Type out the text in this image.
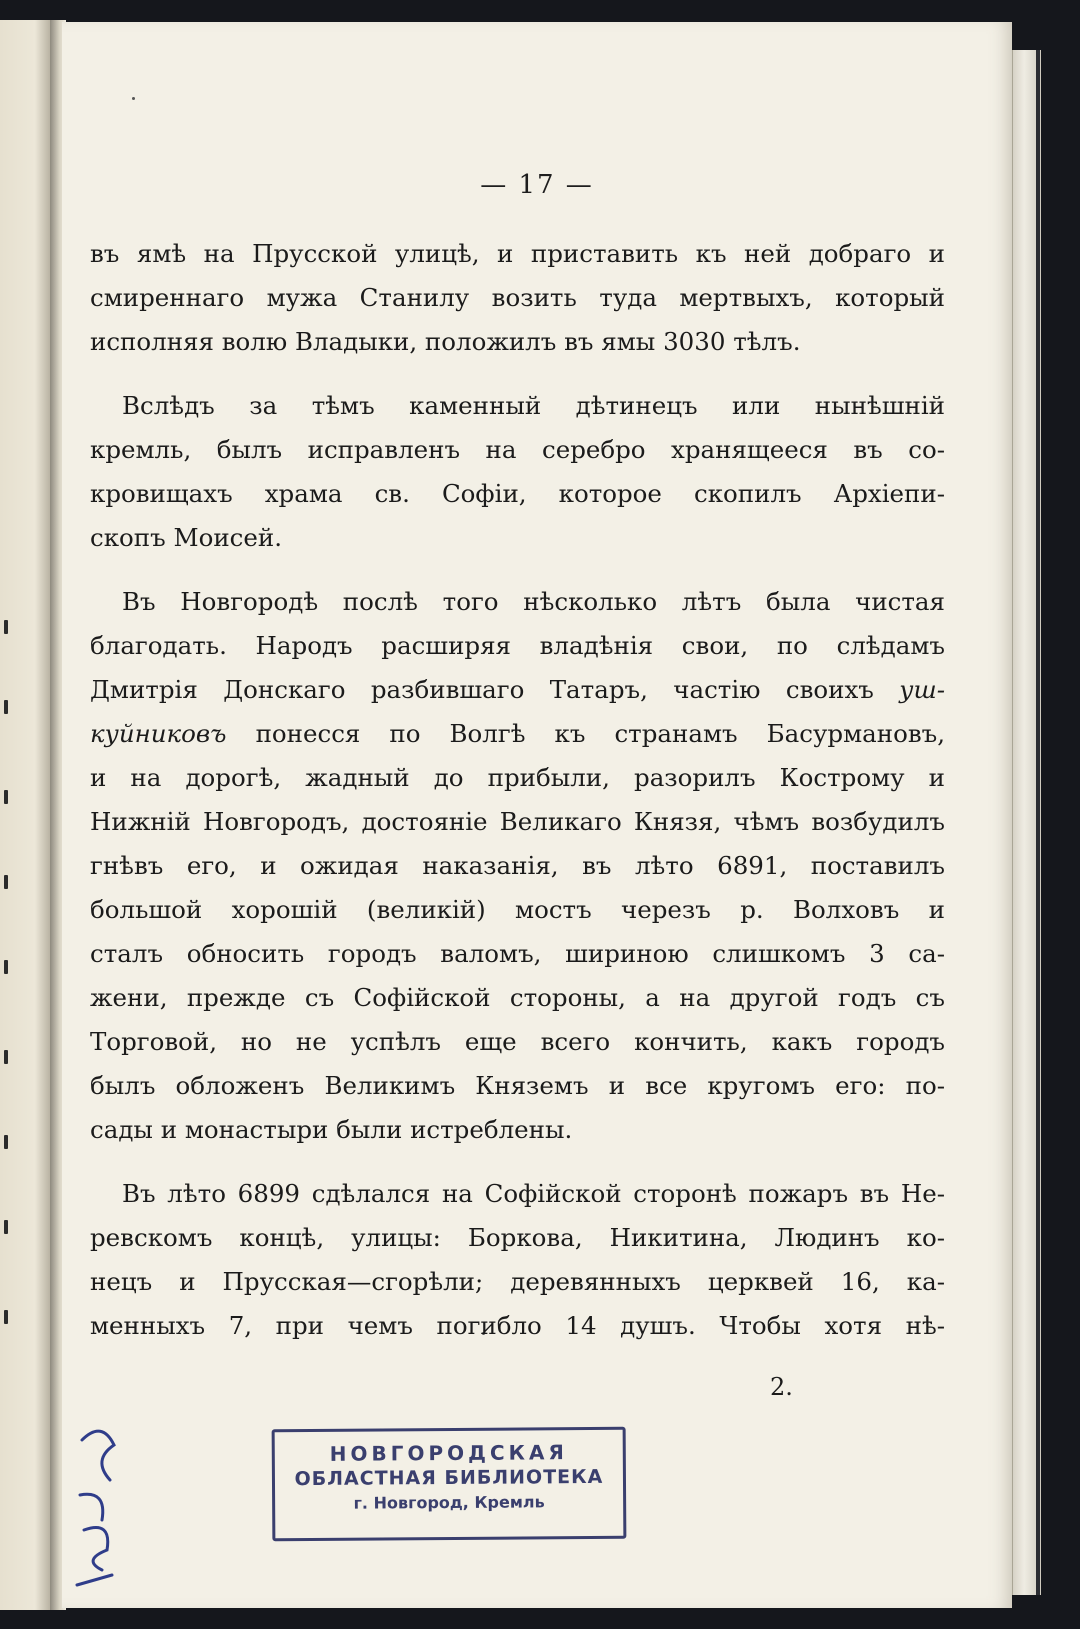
— 17 —
въ ямѣ на Прусской улицѣ, и приставить къ ней добраго и
смиреннаго мужа Станилу возить туда мертвыхъ, который
исполняя волю Владыки, положилъ въ ямы 3030 тѣлъ.
Вслѣдъ за тѣмъ каменный дѣтинецъ или нынѣшній
кремль, былъ исправленъ на серебро хранящееся въ со-
кровищахъ храма св. Софіи, которое скопилъ Архіепи-
скопъ Моисей.
Въ Новгородѣ послѣ того нѣсколько лѣтъ была чистая
благодать. Народъ расширяя владѣнія свои, по слѣдамъ
Дмитрія Донскаго разбившаго Татаръ, частію своихъ уш-
куйниковъ понесся по Волгѣ къ странамъ Басурмановъ,
и на дорогѣ, жадный до прибыли, разорилъ Кострому и
Нижній Новгородъ, достояніе Великаго Князя, чѣмъ возбудилъ
гнѣвъ его, и ожидая наказанія, въ лѣто 6891, поставилъ
большой хорошій (великій) мостъ черезъ р. Волховъ и
сталъ обносить городъ валомъ, шириною слишкомъ 3 са-
жени, прежде съ Софійской стороны, а на другой годъ съ
Торговой, но не успѣлъ еще всего кончить, какъ городъ
былъ обложенъ Великимъ Княземъ и все кругомъ его: по-
сады и монастыри были истреблены.
Въ лѣто 6899 сдѣлался на Софійской сторонѣ пожаръ въ Не-
ревскомъ концѣ, улицы: Боркова, Никитина, Людинъ ко-
нецъ и Прусская—сгорѣли; деревянныхъ церквей 16, ка-
менныхъ 7, при чемъ погибло 14 душъ. Чтобы хотя нѣ-
2.
НОВГОРОДСКАЯ
ОБЛАСТНАЯ БИБЛИОТЕКА
г. Новгород, Кремль
